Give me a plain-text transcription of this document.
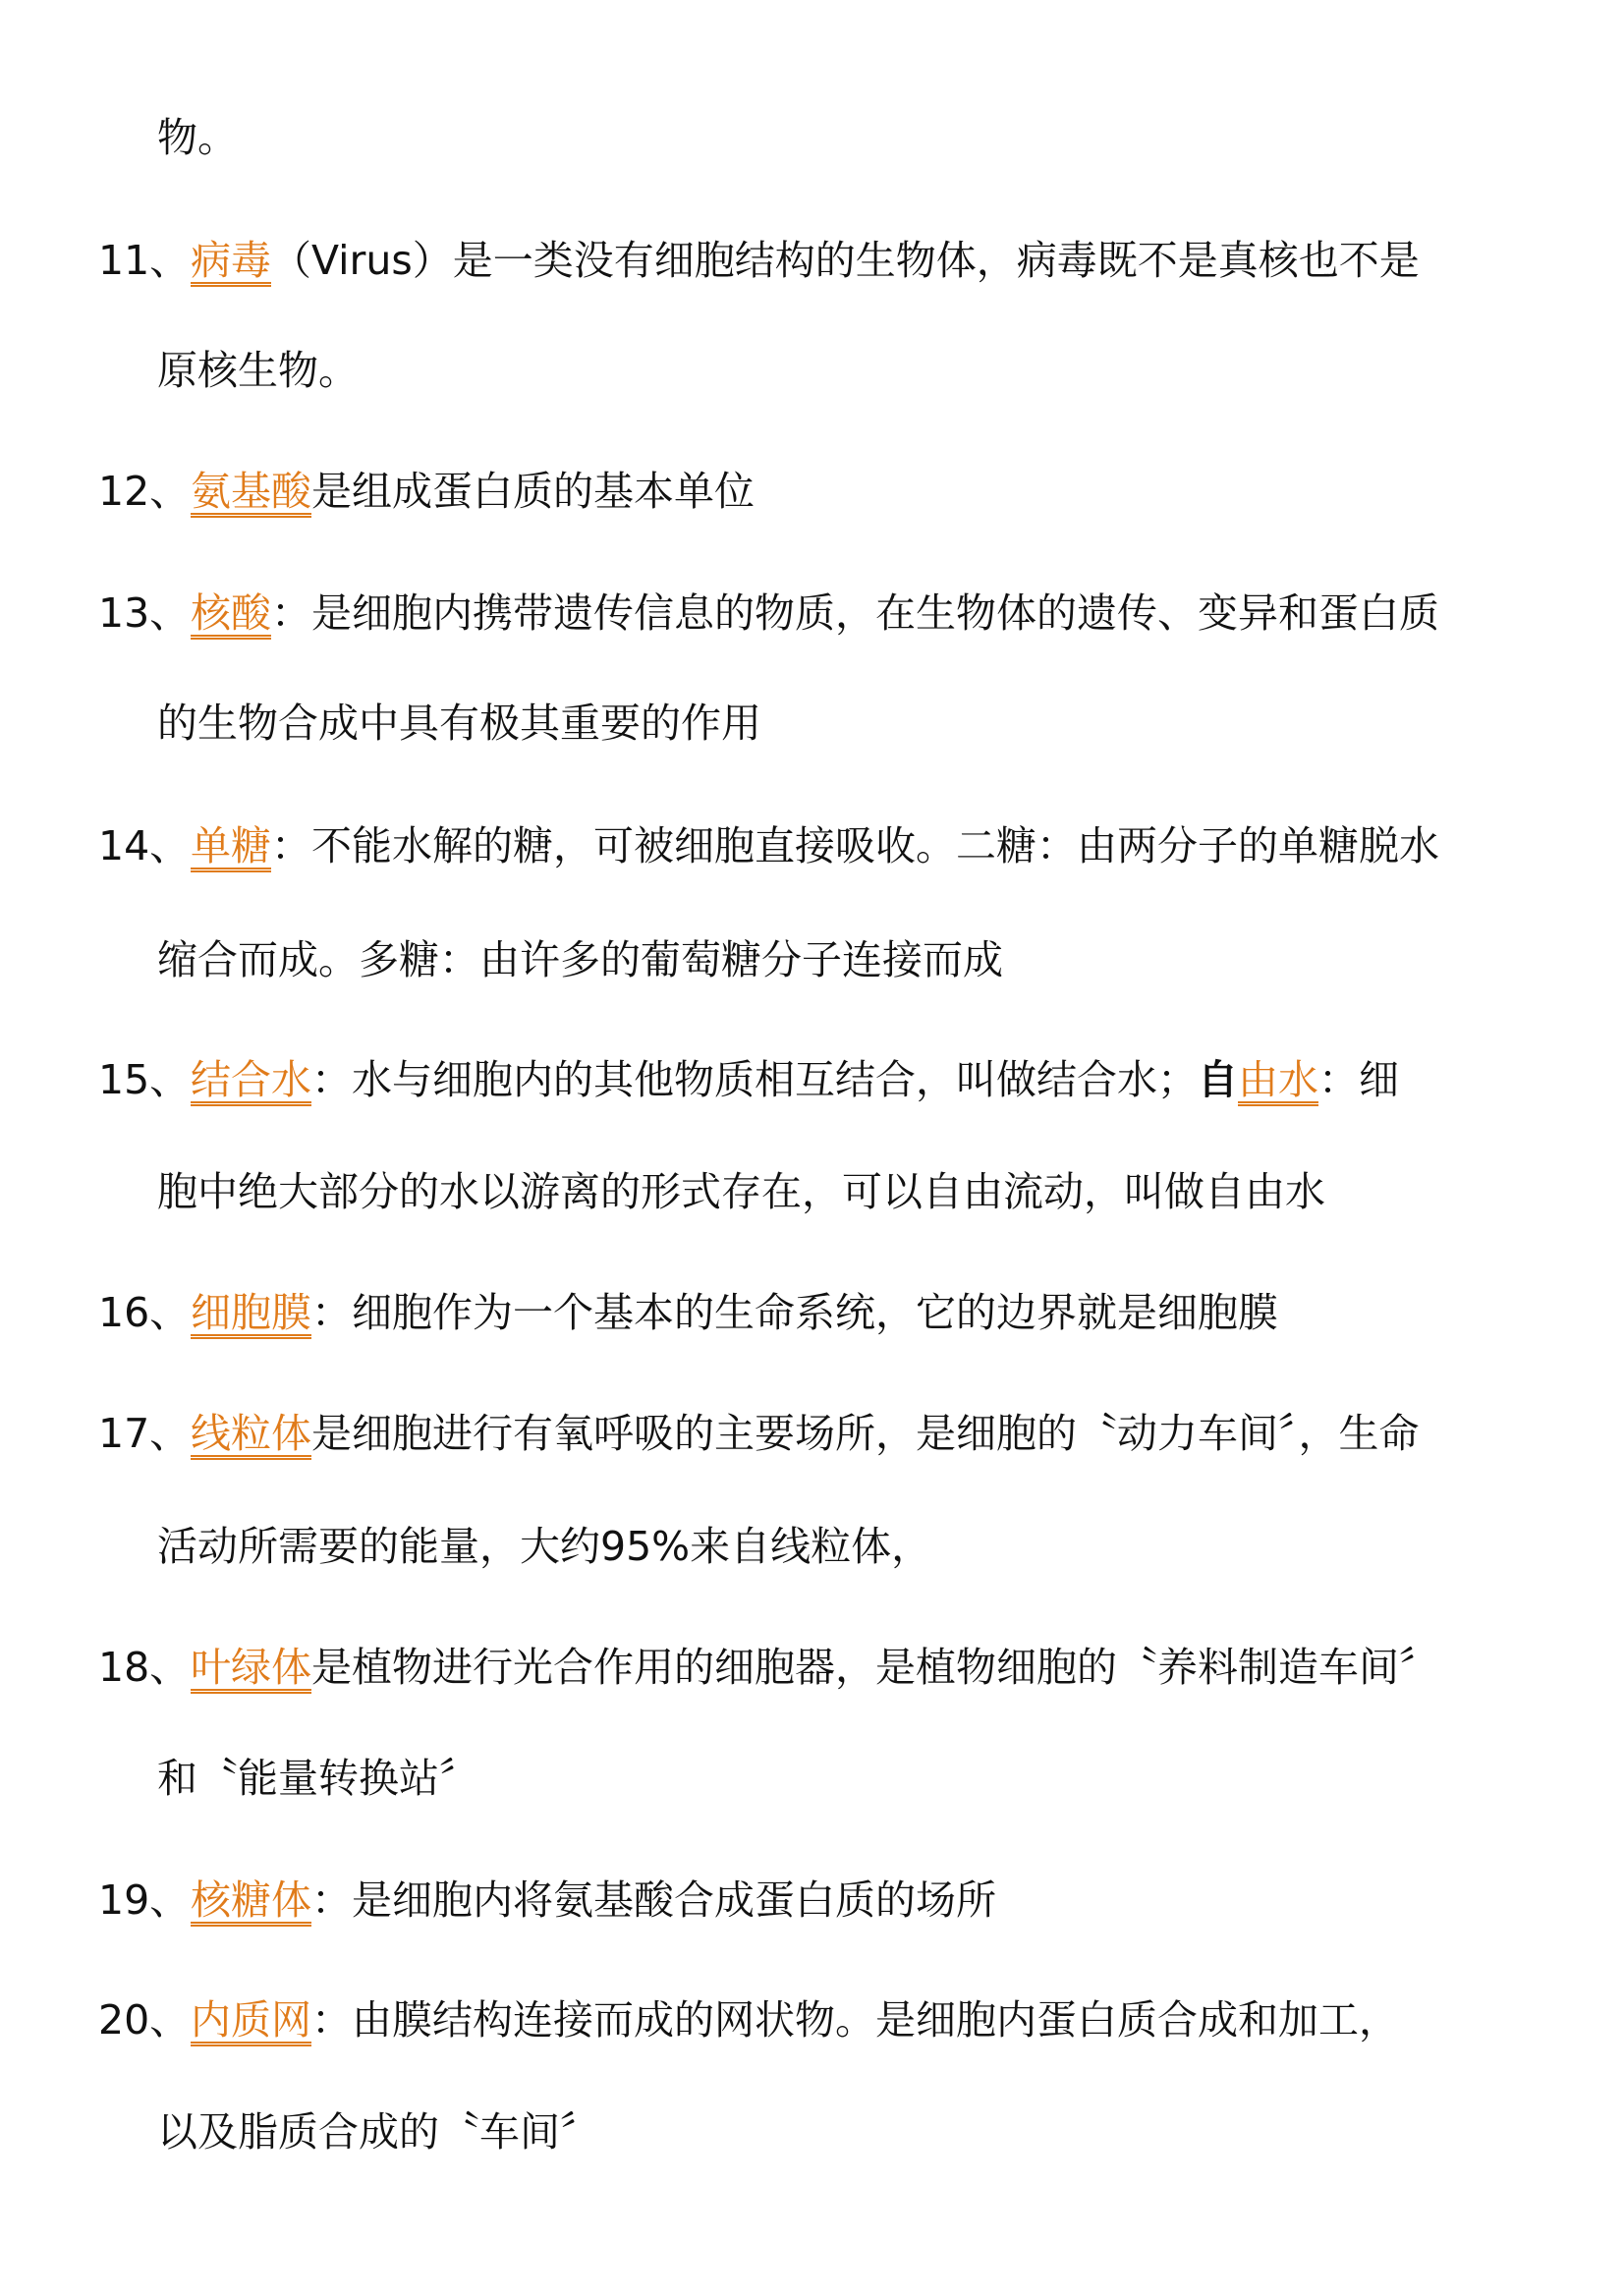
物。
11、 病毒（Virus）是一类没有细胞结构的生物体，病毒既不是真核也不是
原核生物。
12、 氨基酸是组成蛋白质的基本单位
13、 核酸：是细胞内携带遗传信息的物质，在生物体的遗传、变异和蛋白质
的生物合成中具有极其重要的作用
14、 单糖：不能水解的糖，可被细胞直接吸收。二糖：由两分子的单糖脱水
缩合而成。多糖：由许多的葡萄糖分子连接而成
15、 结合水：水与细胞内的其他物质相互结合，叫做结合水；自由水：细
胞中绝大部分的水以游离的形式存在，可以自由流动，叫做自由水
16、 细胞膜：细胞作为一个基本的生命系统，它的边界就是细胞膜
17、 线粒体是细胞进行有氧呼吸的主要场所，是细胞的〝动力车间〞，生命
活动所需要的能量，大约95%来自线粒体，
18、 叶绿体是植物进行光合作用的细胞器，是植物细胞的〝养料制造车间〞
和〝能量转换站〞
19、 核糖体：是细胞内将氨基酸合成蛋白质的场所
20、 内质网：由膜结构连接而成的网状物。是细胞内蛋白质合成和加工，
以及脂质合成的〝车间〞
